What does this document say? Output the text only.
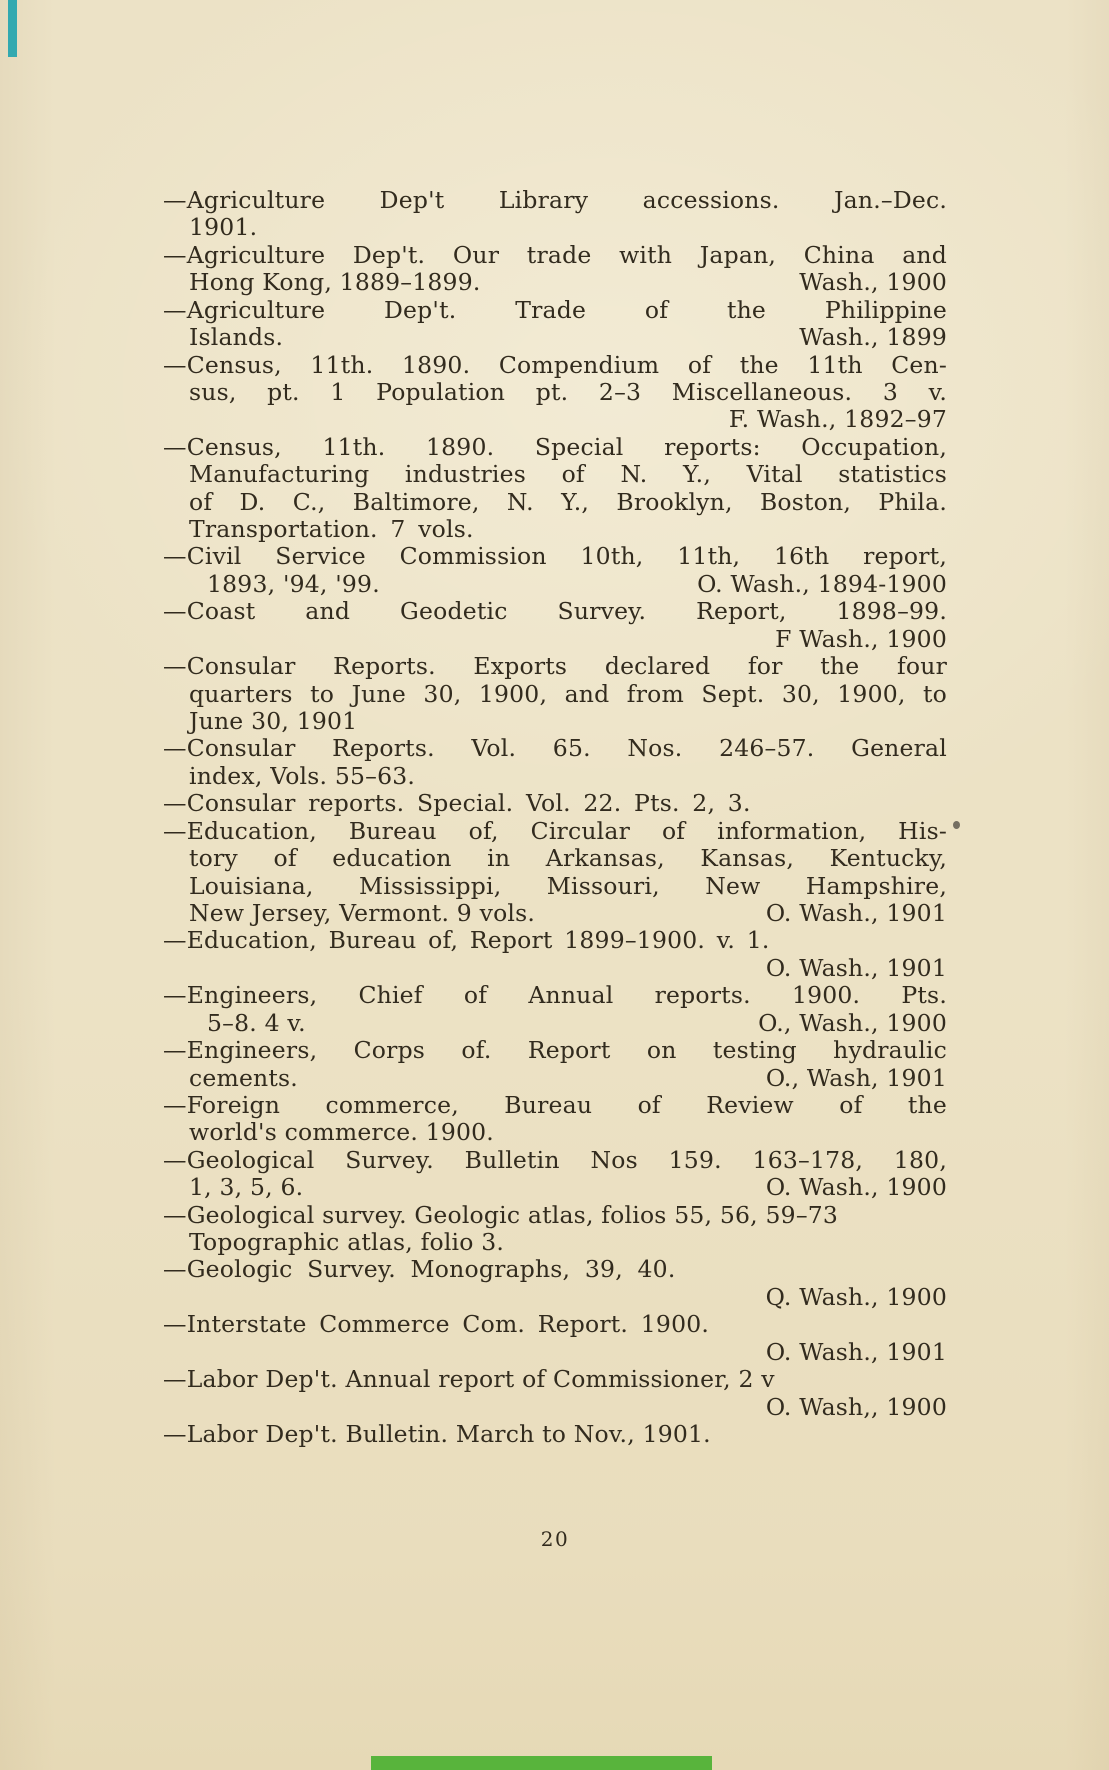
—Agriculture Dep't Library accessions. Jan.–Dec.
1901.
—Agriculture Dep't. Our trade with Japan, China and
Hong Kong, 1889–1899.	Wash., 1900
—Agriculture Dep't. Trade of the Philippine
Islands.	Wash., 1899
—Census, 11th. 1890. Compendium of the 11th Cen-
sus, pt. 1 Population pt. 2–3 Miscellaneous. 3 v.
F. Wash., 1892–97
—Census, 11th. 1890. Special reports: Occupation,
Manufacturing industries of N. Y., Vital statistics
of D. C., Baltimore, N. Y., Brooklyn, Boston, Phila.
Transportation. 7 vols.
—Civil Service Commission 10th, 11th, 16th report,
1893, '94, '99.	O. Wash., 1894-1900
—Coast and Geodetic Survey. Report, 1898–99.
F Wash., 1900
—Consular Reports. Exports declared for the four
quarters to June 30, 1900, and from Sept. 30, 1900, to
June 30, 1901
—Consular Reports. Vol. 65. Nos. 246–57. General
index, Vols. 55–63.
—Consular reports. Special. Vol. 22. Pts. 2, 3.
—Education, Bureau of, Circular of information, His-
tory of education in Arkansas, Kansas, Kentucky,
Louisiana, Mississippi, Missouri, New Hampshire,
New Jersey, Vermont. 9 vols.	O. Wash., 1901
—Education, Bureau of, Report 1899–1900. v. 1.
O. Wash., 1901
—Engineers, Chief of Annual reports. 1900. Pts.
5–8. 4 v.	O., Wash., 1900
—Engineers, Corps of. Report on testing hydraulic
cements.	O., Wash, 1901
—Foreign commerce, Bureau of Review of the
world's commerce. 1900.
—Geological Survey. Bulletin Nos 159. 163–178, 180,
1, 3, 5, 6.	O. Wash., 1900
—Geological survey. Geologic atlas, folios 55, 56, 59–73
Topographic atlas, folio 3.
—Geologic Survey. Monographs, 39, 40.
Q. Wash., 1900
—Interstate Commerce Com. Report. 1900.
O. Wash., 1901
—Labor Dep't. Annual report of Commissioner, 2 v
O. Wash,, 1900
—Labor Dep't. Bulletin. March to Nov., 1901.
20
